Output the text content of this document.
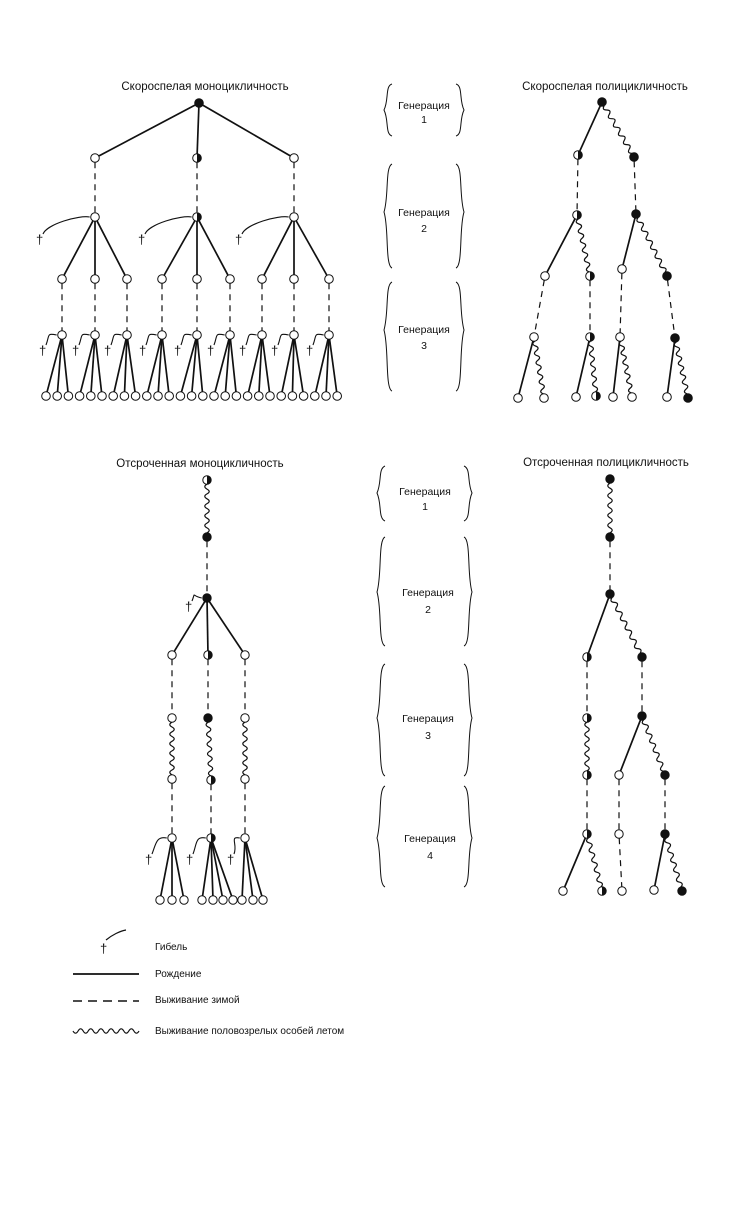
Скороспелая моноцикличность	Скороспелая полицикличность
Отсроченная моноцикличность	Отсроченная полицикличность
Генерация
1
Генерация
2
Генерация
3
Генерация
1
Генерация
2
Генерация
3
Генерация
4
†	†	†
† † † † † † † † †
†
†	†	†
†	Гибель
Рождение
Выживание зимой
Выживание половозрелых особей летом
